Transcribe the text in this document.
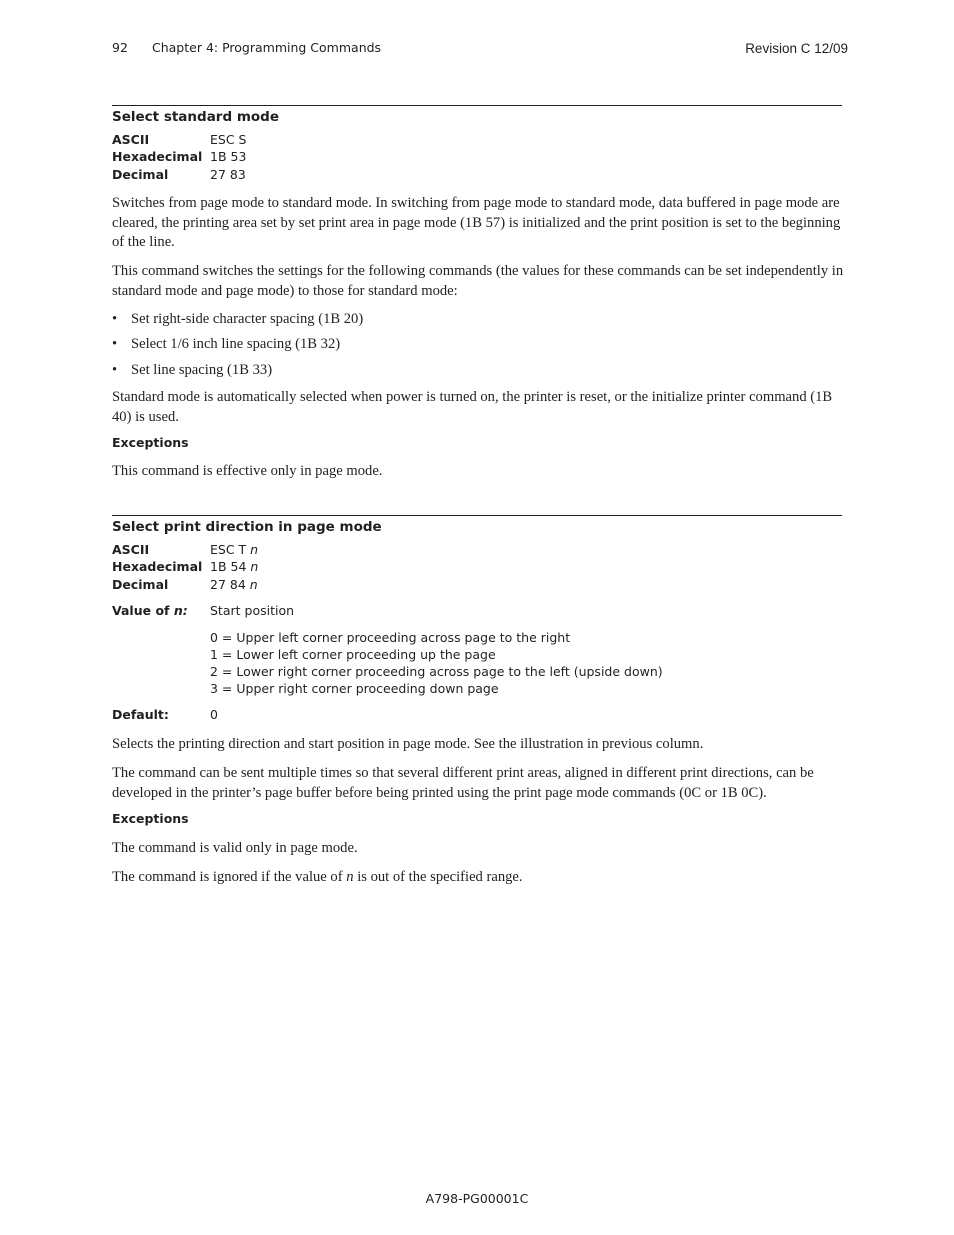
92 Chapter 4: Programming Commands	Revision C 12/09
Select standard mode
ASCII	ESC S
Hexadecimal 1B 53
Decimal	27 83

Switches from page mode to standard mode. In switching from page mode to standard mode, data buffered in page mode are cleared, the printing area set by set print area in page mode (1B 57) is initialized and the print position is set to the beginning of the line.

This command switches the settings for the following commands (the values for these commands can be set independently in standard mode and page mode) to those for standard mode:

• Set right-side character spacing (1B 20)
• Select 1/6 inch line spacing (1B 32)
• Set line spacing (1B 33)

Standard mode is automatically selected when power is turned on, the printer is reset, or the initialize printer command (1B 40) is used.

Exceptions

This command is effective only in page mode.

Select print direction in page mode
ASCII	ESC T n
Hexadecimal 1B 54 n
Decimal	27 84 n
Value of n: Start position
0 = Upper left corner proceeding across page to the right
1 = Lower left corner proceeding up the page
2 = Lower right corner proceeding across page to the left (upside down)
3 = Upper right corner proceeding down page
Default:	0

Selects the printing direction and start position in page mode. See the illustration in previous column.

The command can be sent multiple times so that several different print areas, aligned in different print directions, can be developed in the printer’s page buffer before being printed using the print page mode commands (0C or 1B 0C).

Exceptions

The command is valid only in page mode.

The command is ignored if the value of n is out of the specified range.

A798-PG00001C
